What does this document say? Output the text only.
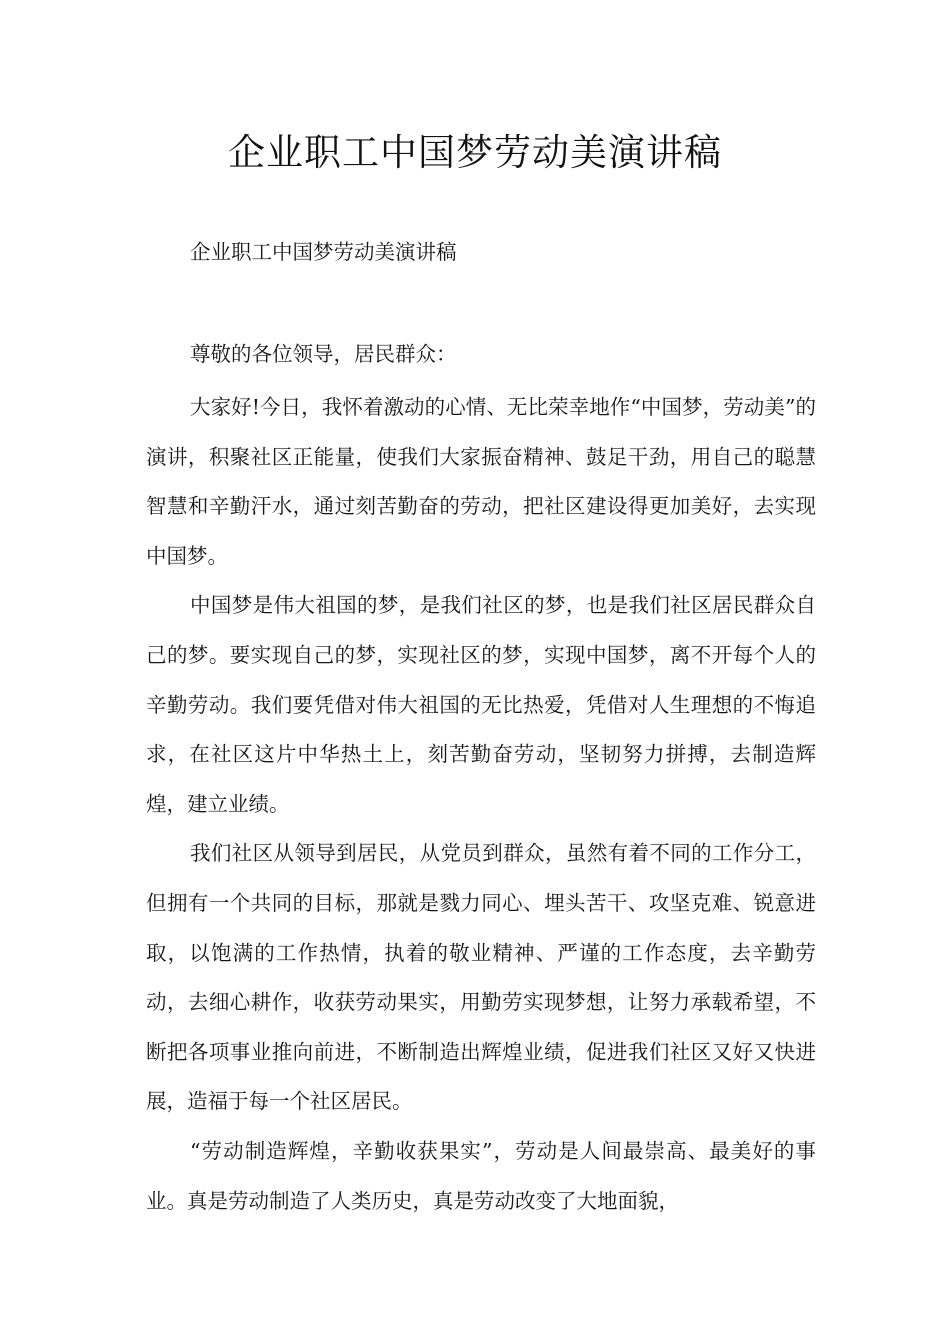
企业职工中国梦劳动美演讲稿
企业职工中国梦劳动美演讲稿
尊敬的各位领导，居民群众：

大家好!今日，我怀着激动的心情、无比荣幸地作“中国梦，劳动美”的演讲，积聚社区正能量，使我们大家振奋精神、鼓足干劲，用自己的聪慧智慧和辛勤汗水，通过刻苦勤奋的劳动，把社区建设得更加美好，去实现中国梦。

中国梦是伟大祖国的梦，是我们社区的梦，也是我们社区居民群众自己的梦。要实现自己的梦，实现社区的梦，实现中国梦，离不开每个人的辛勤劳动。我们要凭借对伟大祖国的无比热爱，凭借对人生理想的不悔追求，在社区这片中华热土上，刻苦勤奋劳动，坚韧努力拼搏，去制造辉煌，建立业绩。

我们社区从领导到居民，从党员到群众，虽然有着不同的工作分工，但拥有一个共同的目标，那就是戮力同心、埋头苦干、攻坚克难、锐意进取，以饱满的工作热情，执着的敬业精神、严谨的工作态度，去辛勤劳动，去细心耕作，收获劳动果实，用勤劳实现梦想，让努力承载希望，不断把各项事业推向前进，不断制造出辉煌业绩，促进我们社区又好又快进展，造福于每一个社区居民。

“劳动制造辉煌，辛勤收获果实”，劳动是人间最崇高、最美好的事业。真是劳动制造了人类历史，真是劳动改变了大地面貌，
